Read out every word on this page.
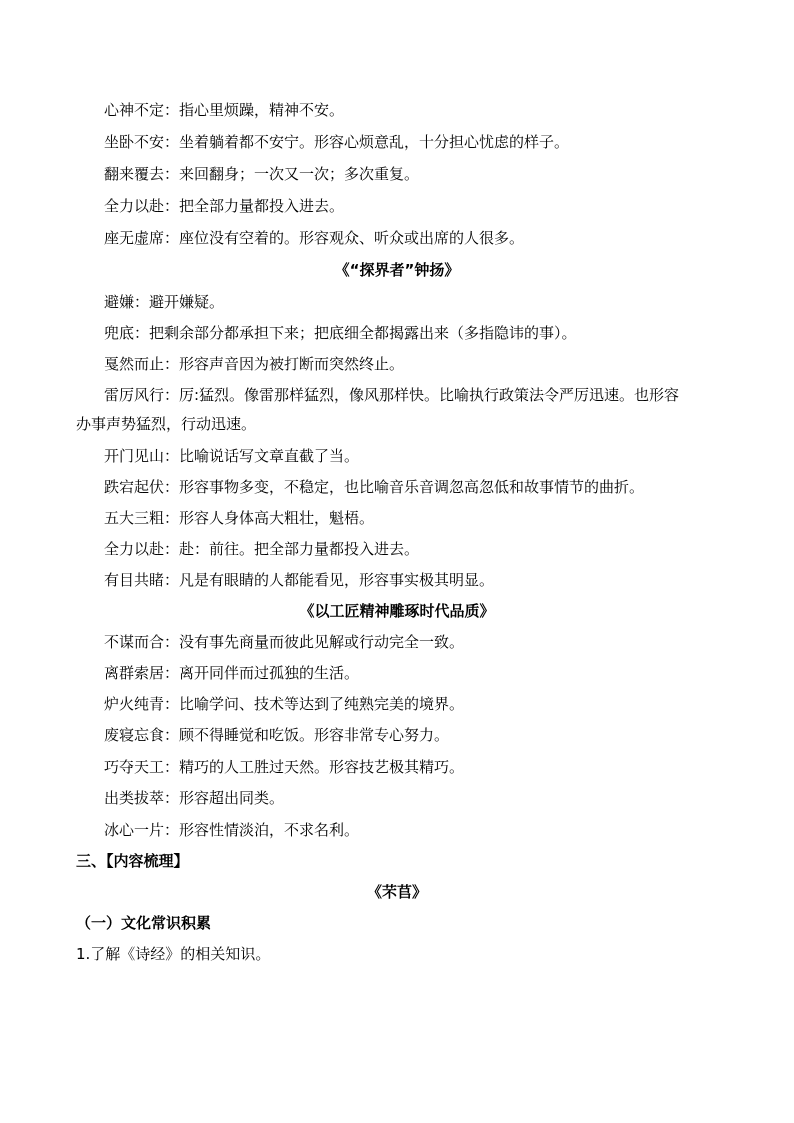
心神不定：指心里烦躁，精神不安。
坐卧不安：坐着躺着都不安宁。形容心烦意乱，十分担心忧虑的样子。
翻来覆去：来回翻身；一次又一次；多次重复。
全力以赴：把全部力量都投入进去。
座无虚席：座位没有空着的。形容观众、听众或出席的人很多。
《“探界者”钟扬》
避嫌：避开嫌疑。
兜底：把剩余部分都承担下来；把底细全都揭露出来（多指隐讳的事）。
戛然而止：形容声音因为被打断而突然终止。
雷厉风行：厉:猛烈。像雷那样猛烈，像风那样快。比喻执行政策法令严厉迅速。也形容
办事声势猛烈，行动迅速。
开门见山：比喻说话写文章直截了当。
跌宕起伏：形容事物多变，不稳定，也比喻音乐音调忽高忽低和故事情节的曲折。
五大三粗：形容人身体高大粗壮，魁梧。
全力以赴：赴：前往。把全部力量都投入进去。
有目共睹：凡是有眼睛的人都能看见，形容事实极其明显。
《以工匠精神雕琢时代品质》
不谋而合：没有事先商量而彼此见解或行动完全一致。
离群索居：离开同伴而过孤独的生活。
炉火纯青：比喻学问、技术等达到了纯熟完美的境界。
废寝忘食：顾不得睡觉和吃饭。形容非常专心努力。
巧夺天工：精巧的人工胜过天然。形容技艺极其精巧。
出类拔萃：形容超出同类。
冰心一片：形容性情淡泊，不求名利。
三、【内容梳理】
《芣苢》
（一）文化常识积累
1.了解《诗经》的相关知识。
